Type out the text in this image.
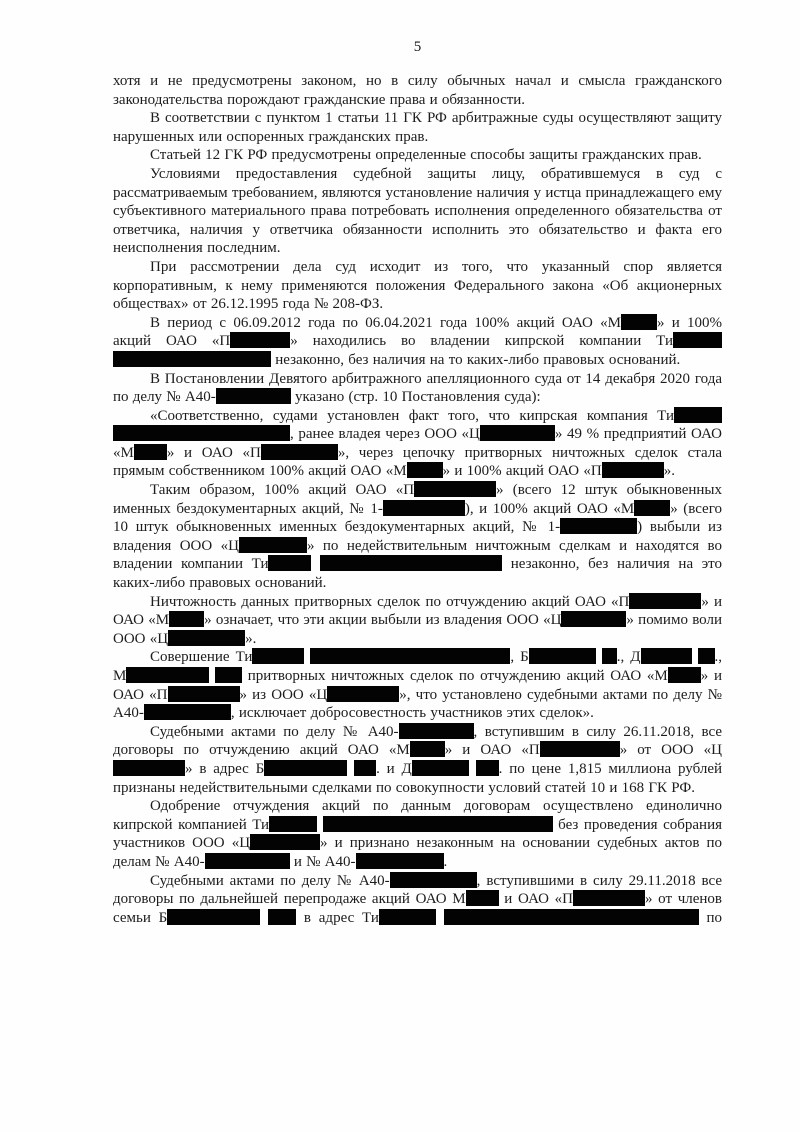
5

хотя и не предусмотрены законом, но в силу обычных начал и смысла гражданского законодательства порождают гражданские права и обязанности.

В соответствии с пунктом 1 статьи 11 ГК РФ арбитражные суды осуществляют защиту нарушенных или оспоренных гражданских прав.

Статьей 12 ГК РФ предусмотрены определенные способы защиты гражданских прав.

Условиями предоставления судебной защиты лицу, обратившемуся в суд с рассматриваемым требованием, являются установление наличия у истца принадлежащего ему субъективного материального права потребовать исполнения определенного обязательства от ответчика, наличия у ответчика обязанности исполнить это обязательство и факта его неисполнения последним.

При рассмотрении дела суд исходит из того, что указанный спор является корпоративным, к нему применяются положения Федерального закона «Об акционерных обществах» от 26.12.1995 года № 208-ФЗ.

В период с 06.09.2012 года по 06.04.2021 года 100% акций ОАО «М » и 100% акций ОАО «П	» находились во владении кипрской компании Ти  незаконно, без наличия на то каких-либо правовых оснований.

В Постановлении Девятого арбитражного апелляционного суда от 14 декабря 2020 года по делу № А40-	указано (стр. 10 Постановления суда):

«Соответственно, судами установлен факт того, что кипрская компания Ти , ранее владея через ООО «Ц	» 49 % предприятий ОАО «М » и ОАО «П	», через цепочку притворных ничтожных сделок стала прямым собственником 100% акций ОАО «М » и 100% акций ОАО «П	».

Таким образом, 100% акций ОАО «П	» (всего 12 штук обыкновенных именных бездокументарных акций, № 1-	), и 100% акций ОАО «М » (всего 10 штук обыкновенных именных бездокументарных акций, № 1-	) выбыли из владения ООО «Ц	» по недействительным ничтожным сделкам и находятся во владении компании Ти	незаконно, без наличия на это каких-либо правовых оснований.

Ничтожность данных притворных сделок по отчуждению акций ОАО «П	» и ОАО «М » означает, что эти акции выбыли из владения ООО «Ц	» помимо воли ООО «Ц	».

Совершение Ти	, Б	., Д	., М	притворных ничтожных сделок по отчуждению акций ОАО «М » и ОАО «П	» из ООО «Ц	», что установлено судебными актами по делу № А40-	, исключает добросовестность участников этих сделок».

Судебными актами по делу № А40-	, вступившим в силу 26.11.2018, все договоры по отчуждению акций ОАО «М » и ОАО «П	» от ООО «Ц» в адрес Б	. и Д	. по цене 1,815 миллиона рублей признаны недействительными сделками по совокупности условий статей 10 и 168 ГК РФ.

Одобрение отчуждения акций по данным договорам осуществлено единолично кипрской компанией Ти	без проведения собрания участников ООО «Ц	» и признано незаконным на основании судебных актов по делам № А40-	и № А40-	.

Судебными актами по делу № А40-	, вступившими в силу 29.11.2018 все договоры по дальнейшей перепродаже акций ОАО М и ОАО «П	» от членов семьи Б	в адрес Ти	по
